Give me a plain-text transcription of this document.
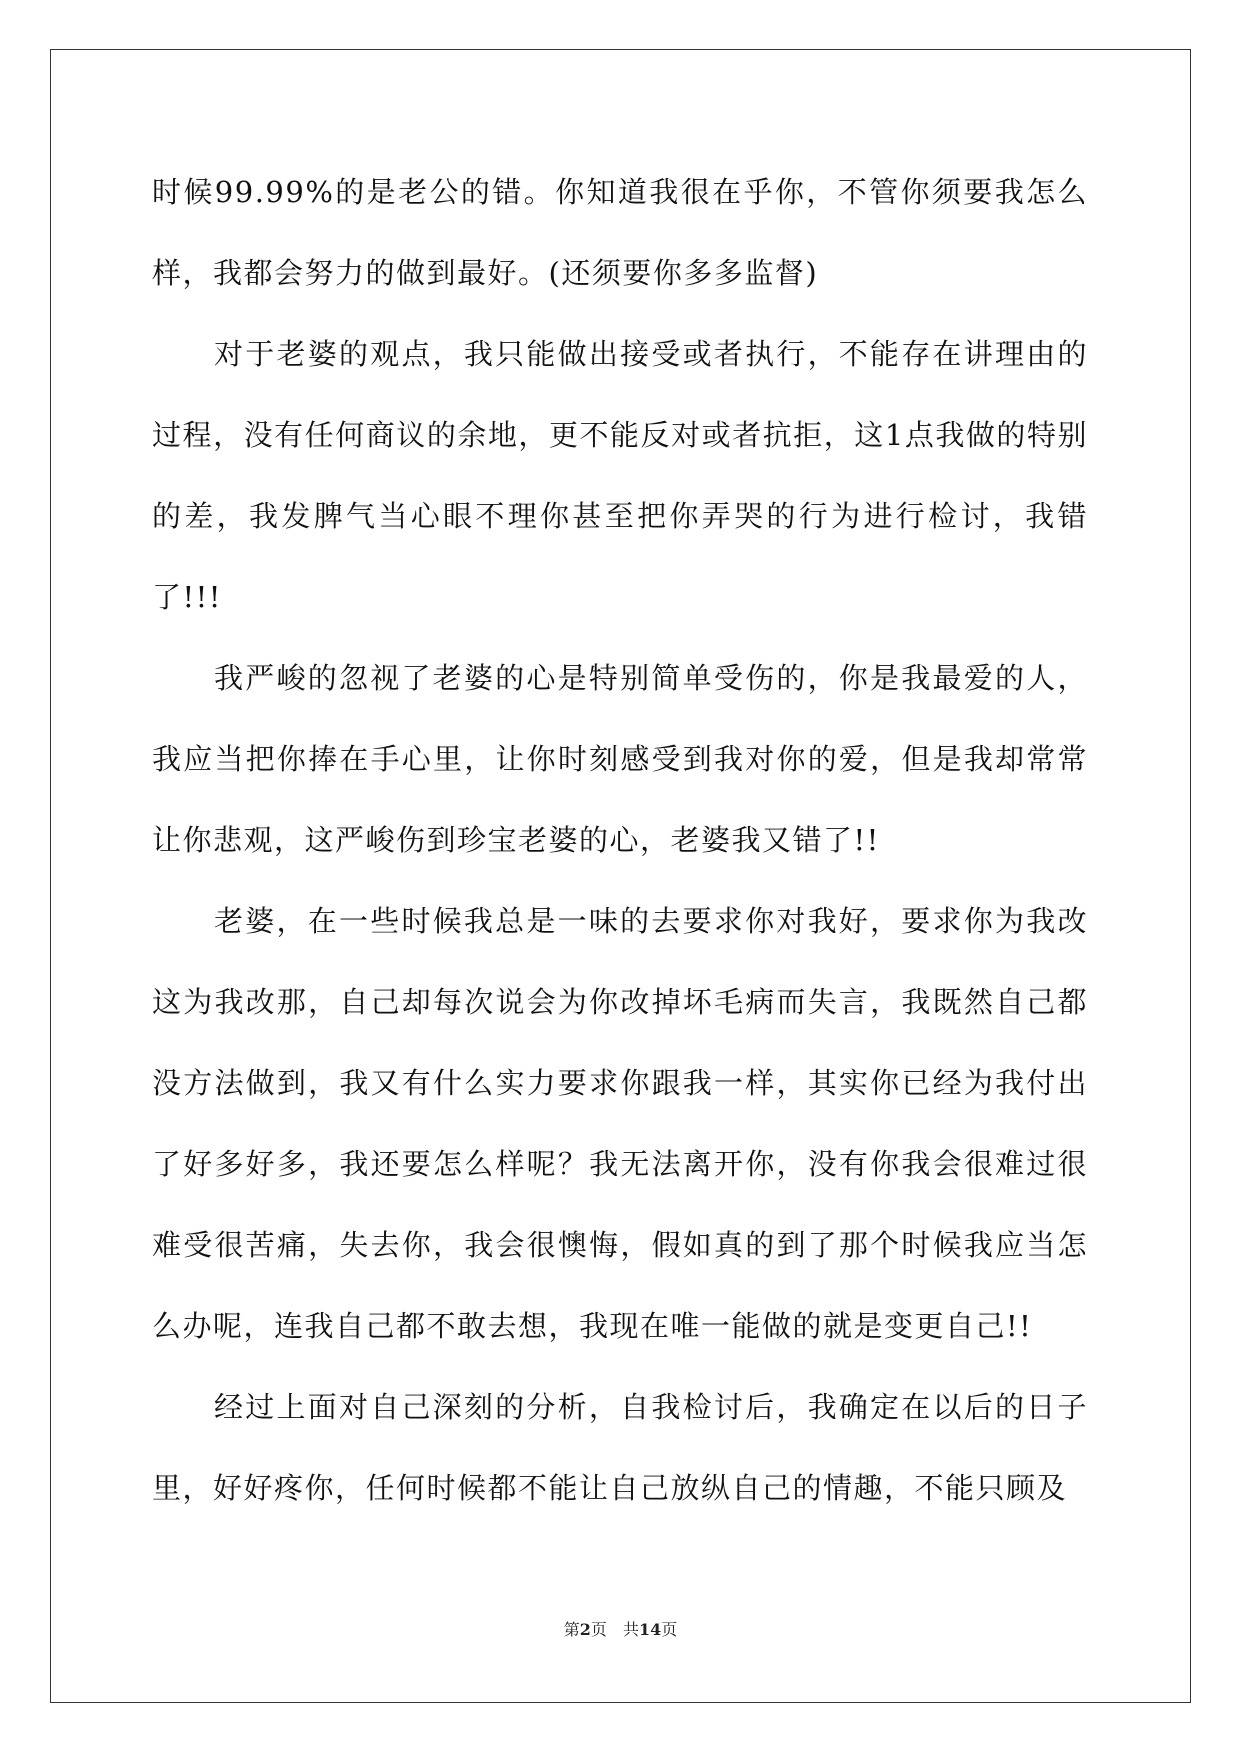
时候99.99%的是老公的错。你知道我很在乎你，不管你须要我怎么样，我都会努力的做到最好。(还须要你多多监督)

对于老婆的观点，我只能做出接受或者执行，不能存在讲理由的过程，没有任何商议的余地，更不能反对或者抗拒，这1点我做的特别的差，我发脾气当心眼不理你甚至把你弄哭的行为进行检讨，我错了!!!

我严峻的忽视了老婆的心是特别简单受伤的，你是我最爱的人，我应当把你捧在手心里，让你时刻感受到我对你的爱，但是我却常常让你悲观，这严峻伤到珍宝老婆的心，老婆我又错了!!

老婆，在一些时候我总是一味的去要求你对我好，要求你为我改这为我改那，自己却每次说会为你改掉坏毛病而失言，我既然自己都没方法做到，我又有什么实力要求你跟我一样，其实你已经为我付出了好多好多，我还要怎么样呢？我无法离开你，没有你我会很难过很难受很苦痛，失去你，我会很懊悔，假如真的到了那个时候我应当怎么办呢，连我自己都不敢去想，我现在唯一能做的就是变更自己!!

经过上面对自己深刻的分析，自我检讨后，我确定在以后的日子里，好好疼你，任何时候都不能让自己放纵自己的情趣，不能只顾及

第2页 共14页
